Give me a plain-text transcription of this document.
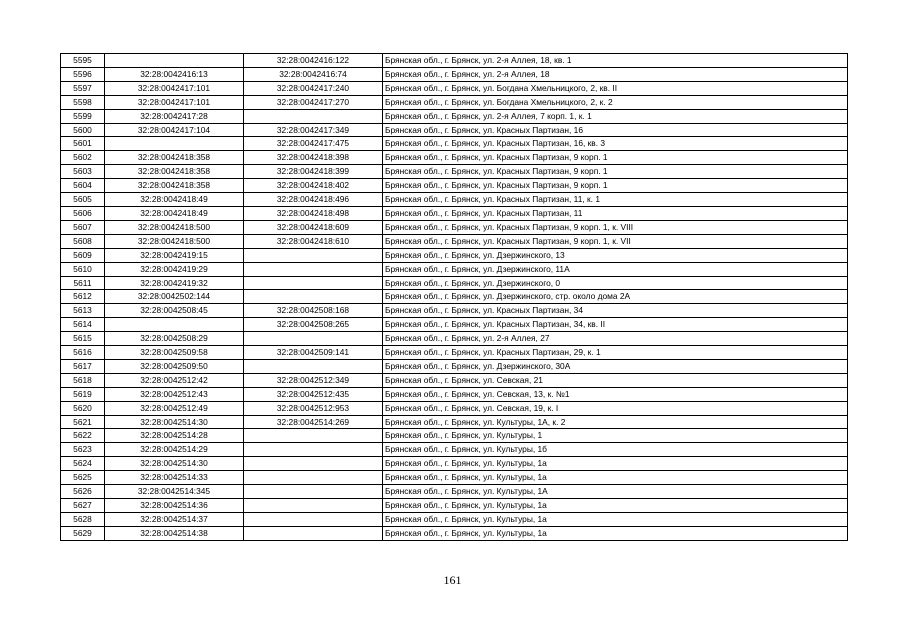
5595		32:28:0042416:122	Брянская обл., г. Брянск, ул. 2-я Аллея, 18, кв. 1
5596	32:28:0042416:13	32:28:0042416:74	Брянская обл., г. Брянск, ул. 2-я Аллея, 18
5597	32:28:0042417:101	32:28:0042417:240	Брянская обл., г. Брянск, ул. Богдана Хмельницкого, 2, кв. II
5598	32:28:0042417:101	32:28:0042417:270	Брянская обл., г. Брянск, ул. Богдана Хмельницкого, 2, к. 2
5599	32:28:0042417:28		Брянская обл., г. Брянск, ул. 2-я Аллея, 7 корп. 1, к. 1
5600	32:28:0042417:104	32:28:0042417:349	Брянская обл., г. Брянск, ул. Красных Партизан, 16
5601		32:28:0042417:475	Брянская обл., г. Брянск, ул. Красных Партизан, 16, кв. 3
5602	32:28:0042418:358	32:28:0042418:398	Брянская обл., г. Брянск, ул. Красных Партизан, 9 корп. 1
5603	32:28:0042418:358	32:28:0042418:399	Брянская обл., г. Брянск, ул. Красных Партизан, 9 корп. 1
5604	32:28:0042418:358	32:28:0042418:402	Брянская обл., г. Брянск, ул. Красных Партизан, 9 корп. 1
5605	32:28:0042418:49	32:28:0042418:496	Брянская обл., г. Брянск, ул. Красных Партизан, 11, к. 1
5606	32:28:0042418:49	32:28:0042418:498	Брянская обл., г. Брянск, ул. Красных Партизан, 11
5607	32:28:0042418:500	32:28:0042418:609	Брянская обл., г. Брянск, ул. Красных Партизан, 9 корп. 1, к. VIII
5608	32:28:0042418:500	32:28:0042418:610	Брянская обл., г. Брянск, ул. Красных Партизан, 9 корп. 1, к. VII
5609	32:28:0042419:15		Брянская обл., г. Брянск, ул. Дзержинского, 13
5610	32:28:0042419:29		Брянская обл., г. Брянск, ул. Дзержинского, 11А
5611	32:28:0042419:32		Брянская обл., г. Брянск, ул. Дзержинского, 0
5612	32:28:0042502:144		Брянская обл., г. Брянск, ул. Дзержинского, стр. около дома 2А
5613	32:28:0042508:45	32:28:0042508:168	Брянская обл., г. Брянск, ул. Красных Партизан, 34
5614		32:28:0042508:265	Брянская обл., г. Брянск, ул. Красных Партизан, 34, кв. II
5615	32:28:0042508:29		Брянская обл., г. Брянск, ул. 2-я Аллея, 27
5616	32:28:0042509:58	32:28:0042509:141	Брянская обл., г. Брянск, ул. Красных Партизан, 29, к. 1
5617	32:28:0042509:50		Брянская обл., г. Брянск, ул. Дзержинского, 30А
5618	32:28:0042512:42	32:28:0042512:349	Брянская обл., г. Брянск, ул. Севская, 21
5619	32:28:0042512:43	32:28:0042512:435	Брянская обл., г. Брянск, ул. Севская, 13, к. №1
5620	32:28:0042512:49	32:28:0042512:953	Брянская обл., г. Брянск, ул. Севская, 19, к. I
5621	32:28:0042514:30	32:28:0042514:269	Брянская обл., г. Брянск, ул. Культуры, 1А, к. 2
5622	32:28:0042514:28		Брянская обл., г. Брянск, ул. Культуры, 1
5623	32:28:0042514:29		Брянская обл., г. Брянск, ул. Культуры, 1б
5624	32:28:0042514:30		Брянская обл., г. Брянск, ул. Культуры, 1а
5625	32:28:0042514:33		Брянская обл., г. Брянск, ул. Культуры, 1а
5626	32:28:0042514:345		Брянская обл., г. Брянск, ул. Культуры, 1А
5627	32:28:0042514:36		Брянская обл., г. Брянск, ул. Культуры, 1а
5628	32:28:0042514:37		Брянская обл., г. Брянск, ул. Культуры, 1а
5629	32:28:0042514:38		Брянская обл., г. Брянск, ул. Культуры, 1а
161
